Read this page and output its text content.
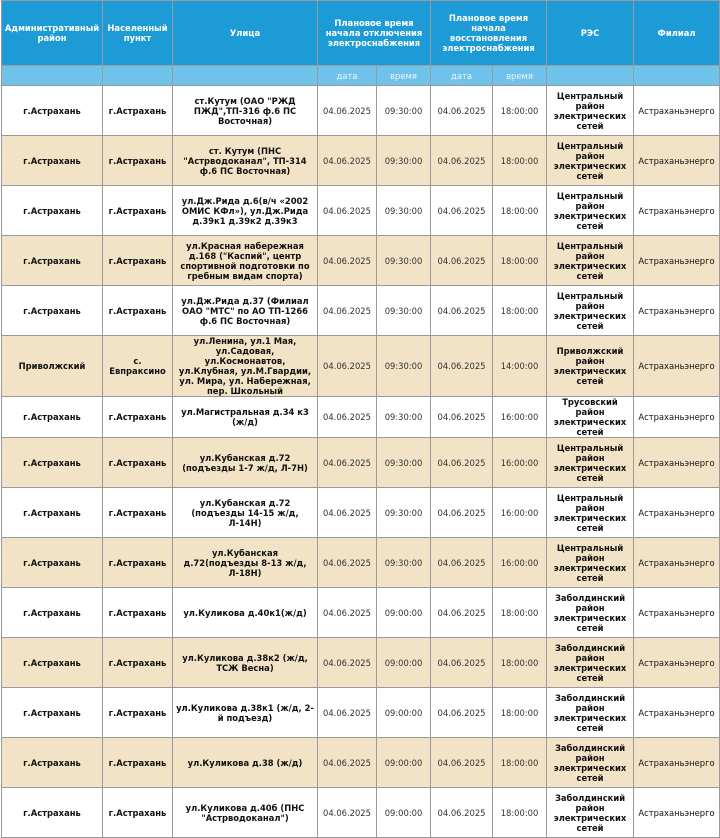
Административный район	Населенный пункт	Улица	Плановое время начала отключения электроснабжения		Плановое время начала восстановления электроснабжения		РЭС	Филиал
			дата	время	дата	время		
г.Астрахань	г.Астрахань	ст.Кутум (ОАО "РЖД ПЖД",ТП-316 ф.6 ПС Восточная)	04.06.2025	09:30:00	04.06.2025	18:00:00	Центральный район электрических сетей	Астраханьэнерго
г.Астрахань	г.Астрахань	ст. Кутум (ПНС "Астрводоканал", ТП-314 ф.6 ПС Восточная)	04.06.2025	09:30:00	04.06.2025	18:00:00	Центральный район электрических сетей	Астраханьэнерго
г.Астрахань	г.Астрахань	ул.Дж.Рида д.6(в/ч «2002 ОМИС КФл»), ул.Дж.Рида д.39к1 д.39к2 д.39к3	04.06.2025	09:30:00	04.06.2025	18:00:00	Центральный район электрических сетей	Астраханьэнерго
г.Астрахань	г.Астрахань	ул.Красная набережная д.168 ("Каспий", центр спортивной подготовки по гребным видам спорта)	04.06.2025	09:30:00	04.06.2025	18:00:00	Центральный район электрических сетей	Астраханьэнерго
г.Астрахань	г.Астрахань	ул.Дж.Рида д.37 (Филиал ОАО "МТС" по АО ТП-1266 ф.6 ПС Восточная)	04.06.2025	09:30:00	04.06.2025	18:00:00	Центральный район электрических сетей	Астраханьэнерго
Приволжский	с. Евпраксино	ул.Ленина, ул.1 Мая, ул.Садовая, ул.Космонавтов, ул.Клубная, ул.М.Гвардии, ул. Мира, ул. Набережная, пер. Школьный	04.06.2025	09:30:00	04.06.2025	14:00:00	Приволжский район электрических сетей	Астраханьэнерго
г.Астрахань	г.Астрахань	ул.Магистральная д.34 к3 (ж/д)	04.06.2025	09:30:00	04.06.2025	16:00:00	Трусовский район электрических сетей	Астраханьэнерго
г.Астрахань	г.Астрахань	ул.Кубанская д.72 (подъезды 1-7 ж/д, Л-7Н)	04.06.2025	09:30:00	04.06.2025	16:00:00	Центральный район электрических сетей	Астраханьэнерго
г.Астрахань	г.Астрахань	ул.Кубанская д.72 (подъезды 14-15 ж/д, Л-14Н)	04.06.2025	09:30:00	04.06.2025	16:00:00	Центральный район электрических сетей	Астраханьэнерго
г.Астрахань	г.Астрахань	ул.Кубанская д.72(подъезды 8-13 ж/д, Л-18Н)	04.06.2025	09:30:00	04.06.2025	16:00:00	Центральный район электрических сетей	Астраханьэнерго
г.Астрахань	г.Астрахань	ул.Куликова д.40к1(ж/д)	04.06.2025	09:00:00	04.06.2025	18:00:00	Заболдинский район электрических сетей	Астраханьэнерго
г.Астрахань	г.Астрахань	ул.Куликова д.38к2 (ж/д, ТСЖ Весна)	04.06.2025	09:00:00	04.06.2025	18:00:00	Заболдинский район электрических сетей	Астраханьэнерго
г.Астрахань	г.Астрахань	ул.Куликова д.38к1 (ж/д, 2-й подъезд)	04.06.2025	09:00:00	04.06.2025	18:00:00	Заболдинский район электрических сетей	Астраханьэнерго
г.Астрахань	г.Астрахань	ул.Куликова д.38 (ж/д)	04.06.2025	09:00:00	04.06.2025	18:00:00	Заболдинский район электрических сетей	Астраханьэнерго
г.Астрахань	г.Астрахань	ул.Куликова д.40б (ПНС "Астрводоканал")	04.06.2025	09:00:00	04.06.2025	18:00:00	Заболдинский район электрических сетей	Астраханьэнерго
